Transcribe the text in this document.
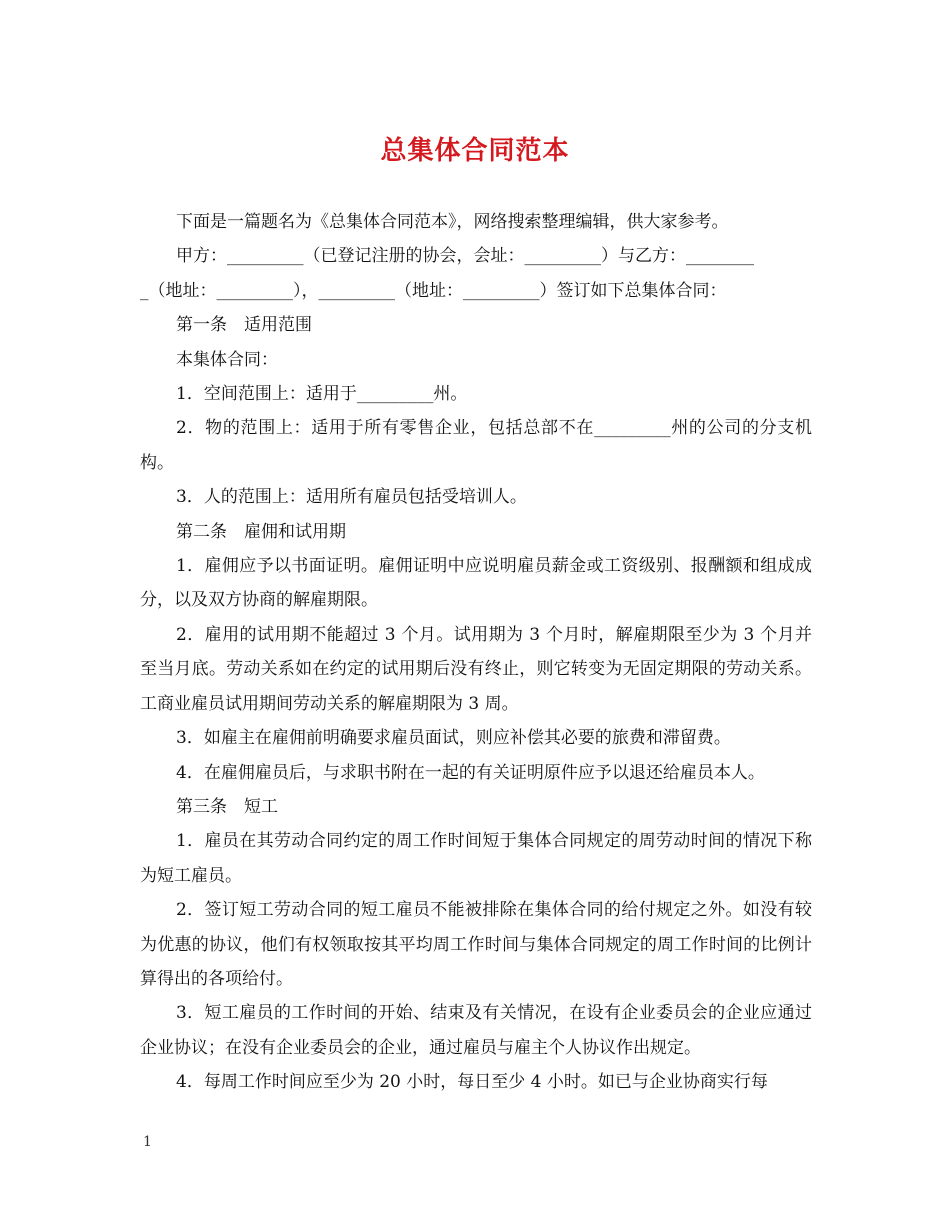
总集体合同范本

下面是一篇题名为《总集体合同范本》，网络搜索整理编辑，供大家参考。

甲方：_________（已登记注册的协会，会址：_________）与乙方：________

_（地址：_________），_________（地址：_________）签订如下总集体合同：

第一条　适用范围

本集体合同：

1．空间范围上：适用于_________州。

2．物的范围上：适用于所有零售企业，包括总部不在_________州的公司的分支机构。

3．人的范围上：适用所有雇员包括受培训人。

第二条　雇佣和试用期

1．雇佣应予以书面证明。雇佣证明中应说明雇员薪金或工资级别、报酬额和组成成分，以及双方协商的解雇期限。

2．雇用的试用期不能超过 3 个月。试用期为 3 个月时，解雇期限至少为 3 个月并至当月底。劳动关系如在约定的试用期后没有终止，则它转变为无固定期限的劳动关系。工商业雇员试用期间劳动关系的解雇期限为 3 周。

3．如雇主在雇佣前明确要求雇员面试，则应补偿其必要的旅费和滞留费。

4．在雇佣雇员后，与求职书附在一起的有关证明原件应予以退还给雇员本人。

第三条　短工

1．雇员在其劳动合同约定的周工作时间短于集体合同规定的周劳动时间的情况下称为短工雇员。

2．签订短工劳动合同的短工雇员不能被排除在集体合同的给付规定之外。如没有较为优惠的协议，他们有权领取按其平均周工作时间与集体合同规定的周工作时间的比例计算得出的各项给付。

3．短工雇员的工作时间的开始、结束及有关情况，在设有企业委员会的企业应通过企业协议；在没有企业委员会的企业，通过雇员与雇主个人协议作出规定。

4．每周工作时间应至少为 20 小时，每日至少 4 小时。如已与企业协商实行每

1
